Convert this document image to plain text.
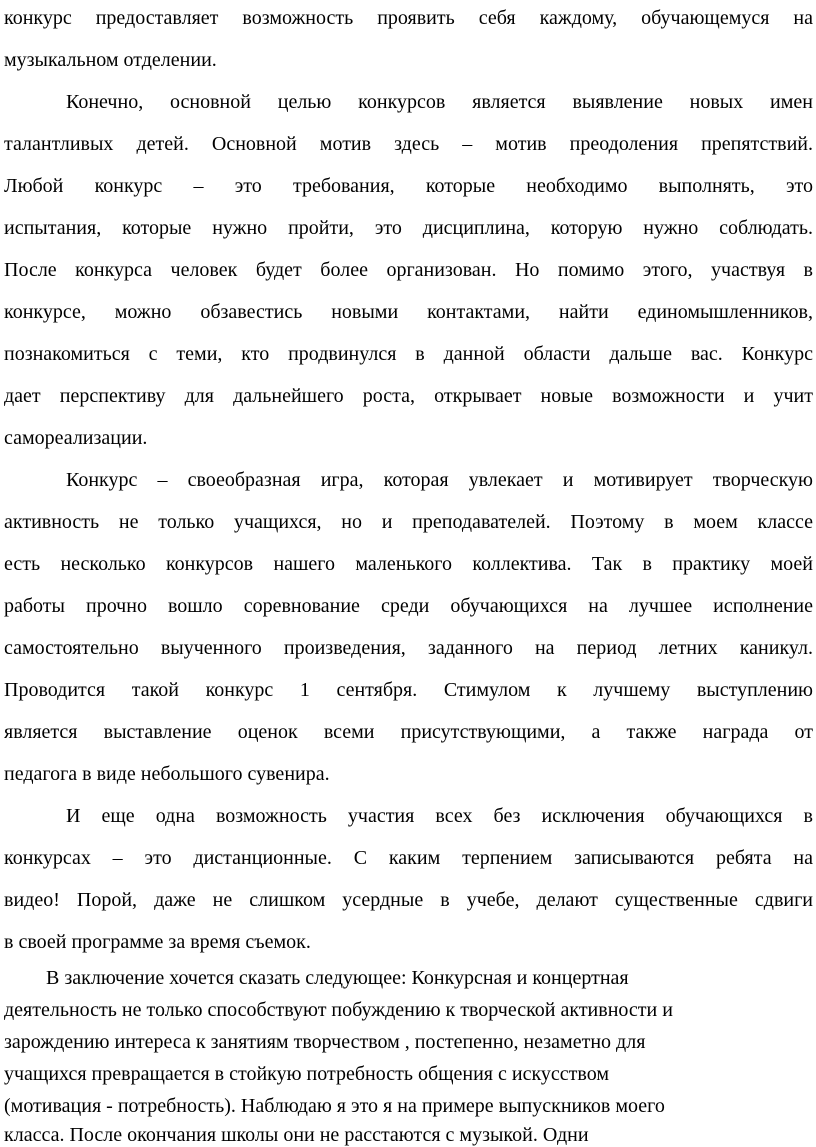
конкурс предоставляет возможность проявить себя каждому, обучающемуся на
музыкальном отделении.
Конечно, основной целью конкурсов является выявление новых имен
талантливых детей. Основной мотив здесь – мотив преодоления препятствий.
Любой конкурс – это требования, которые необходимо выполнять, это
испытания, которые нужно пройти, это дисциплина, которую нужно соблюдать.
После конкурса человек будет более организован. Но помимо этого, участвуя в
конкурсе, можно обзавестись новыми контактами, найти единомышленников,
познакомиться с теми, кто продвинулся в данной области дальше вас. Конкурс
дает перспективу для дальнейшего роста, открывает новые возможности и учит
самореализации.
Конкурс – своеобразная игра, которая увлекает и мотивирует творческую
активность не только учащихся, но и преподавателей. Поэтому в моем классе
есть несколько конкурсов нашего маленького коллектива. Так в практику моей
работы прочно вошло соревнование среди обучающихся на лучшее исполнение
самостоятельно выученного произведения, заданного на период летних каникул.
Проводится такой конкурс 1 сентября. Стимулом к лучшему выступлению
является выставление оценок всеми присутствующими, а также награда от
педагога в виде небольшого сувенира.
И еще одна возможность участия всех без исключения обучающихся в
конкурсах – это дистанционные. С каким терпением записываются ребята на
видео! Порой, даже не слишком усердные в учебе, делают существенные сдвиги
в своей программе за время съемок.
В заключение хочется сказать следующее: Конкурсная и концертная
деятельность не только способствуют побуждению к творческой активности и
зарождению интереса к занятиям творчеством , постепенно, незаметно для
учащихся превращается в стойкую потребность общения с искусством
(мотивация - потребность). Наблюдаю я это я на примере выпускников моего
класса. После окончания школы они не расстаются с музыкой. Одни
